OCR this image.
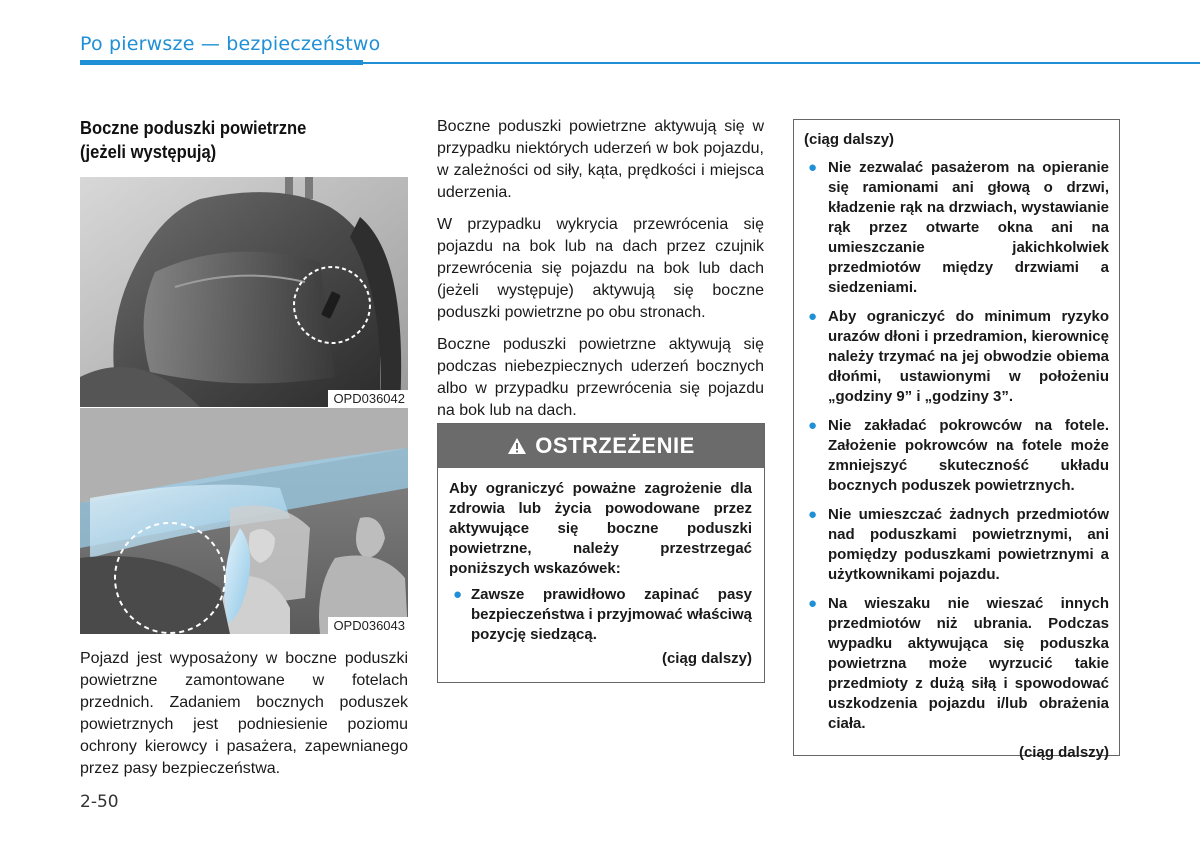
Po pierwsze — bezpieczeństwo
Boczne poduszki powietrzne
(jeżeli występują)
OPD036042
OPD036043
Pojazd jest wyposażony w boczne poduszki powietrzne zamontowane w fotelach przednich. Zadaniem bocznych poduszek powietrznych jest podniesienie poziomu ochrony kierowcy i pasażera, zapewnianego przez pasy bezpieczeństwa.

Boczne poduszki powietrzne aktywują się w przypadku niektórych uderzeń w bok pojazdu, w zależności od siły, kąta, prędkości i miejsca uderzenia.

W przypadku wykrycia przewrócenia się pojazdu na bok lub na dach przez czujnik przewrócenia się pojazdu na bok lub dach (jeżeli występuje) aktywują się boczne poduszki powietrzne po obu stronach.

Boczne poduszki powietrzne aktywują się podczas niebezpiecznych uderzeń bocznych albo w przypadku przewrócenia się pojazdu na bok lub na dach.

OSTRZEŻENIE

Aby ograniczyć poważne zagrożenie dla zdrowia lub życia powodowane przez aktywujące się boczne poduszki powietrzne, należy przestrzegać poniższych wskazówek:

● Zawsze prawidłowo zapinać pasy bezpieczeństwa i przyjmować właściwą pozycję siedzącą.
(ciąg dalszy)
(ciąg dalszy)
● Nie zezwalać pasażerom na opieranie się ramionami ani głową o drzwi, kładzenie rąk na drzwiach, wystawianie rąk przez otwarte okna ani na umieszczanie jakichkolwiek przedmiotów między drzwiami a siedzeniami.
● Aby ograniczyć do minimum ryzyko urazów dłoni i przedramion, kierownicę należy trzymać na jej obwodzie obiema dłońmi, ustawionymi w położeniu „godziny 9” i „godziny 3”.
● Nie zakładać pokrowców na fotele. Założenie pokrowców na fotele może zmniejszyć skuteczność układu bocznych poduszek powietrznych.
● Nie umieszczać żadnych przedmiotów nad poduszkami powietrznymi, ani pomiędzy poduszkami powietrznymi a użytkownikami pojazdu.
● Na wieszaku nie wieszać innych przedmiotów niż ubrania. Podczas wypadku aktywująca się poduszka powietrzna może wyrzucić takie przedmioty z dużą siłą i spowodować uszkodzenia pojazdu i/lub obrażenia ciała.
(ciąg dalszy)
2-50
